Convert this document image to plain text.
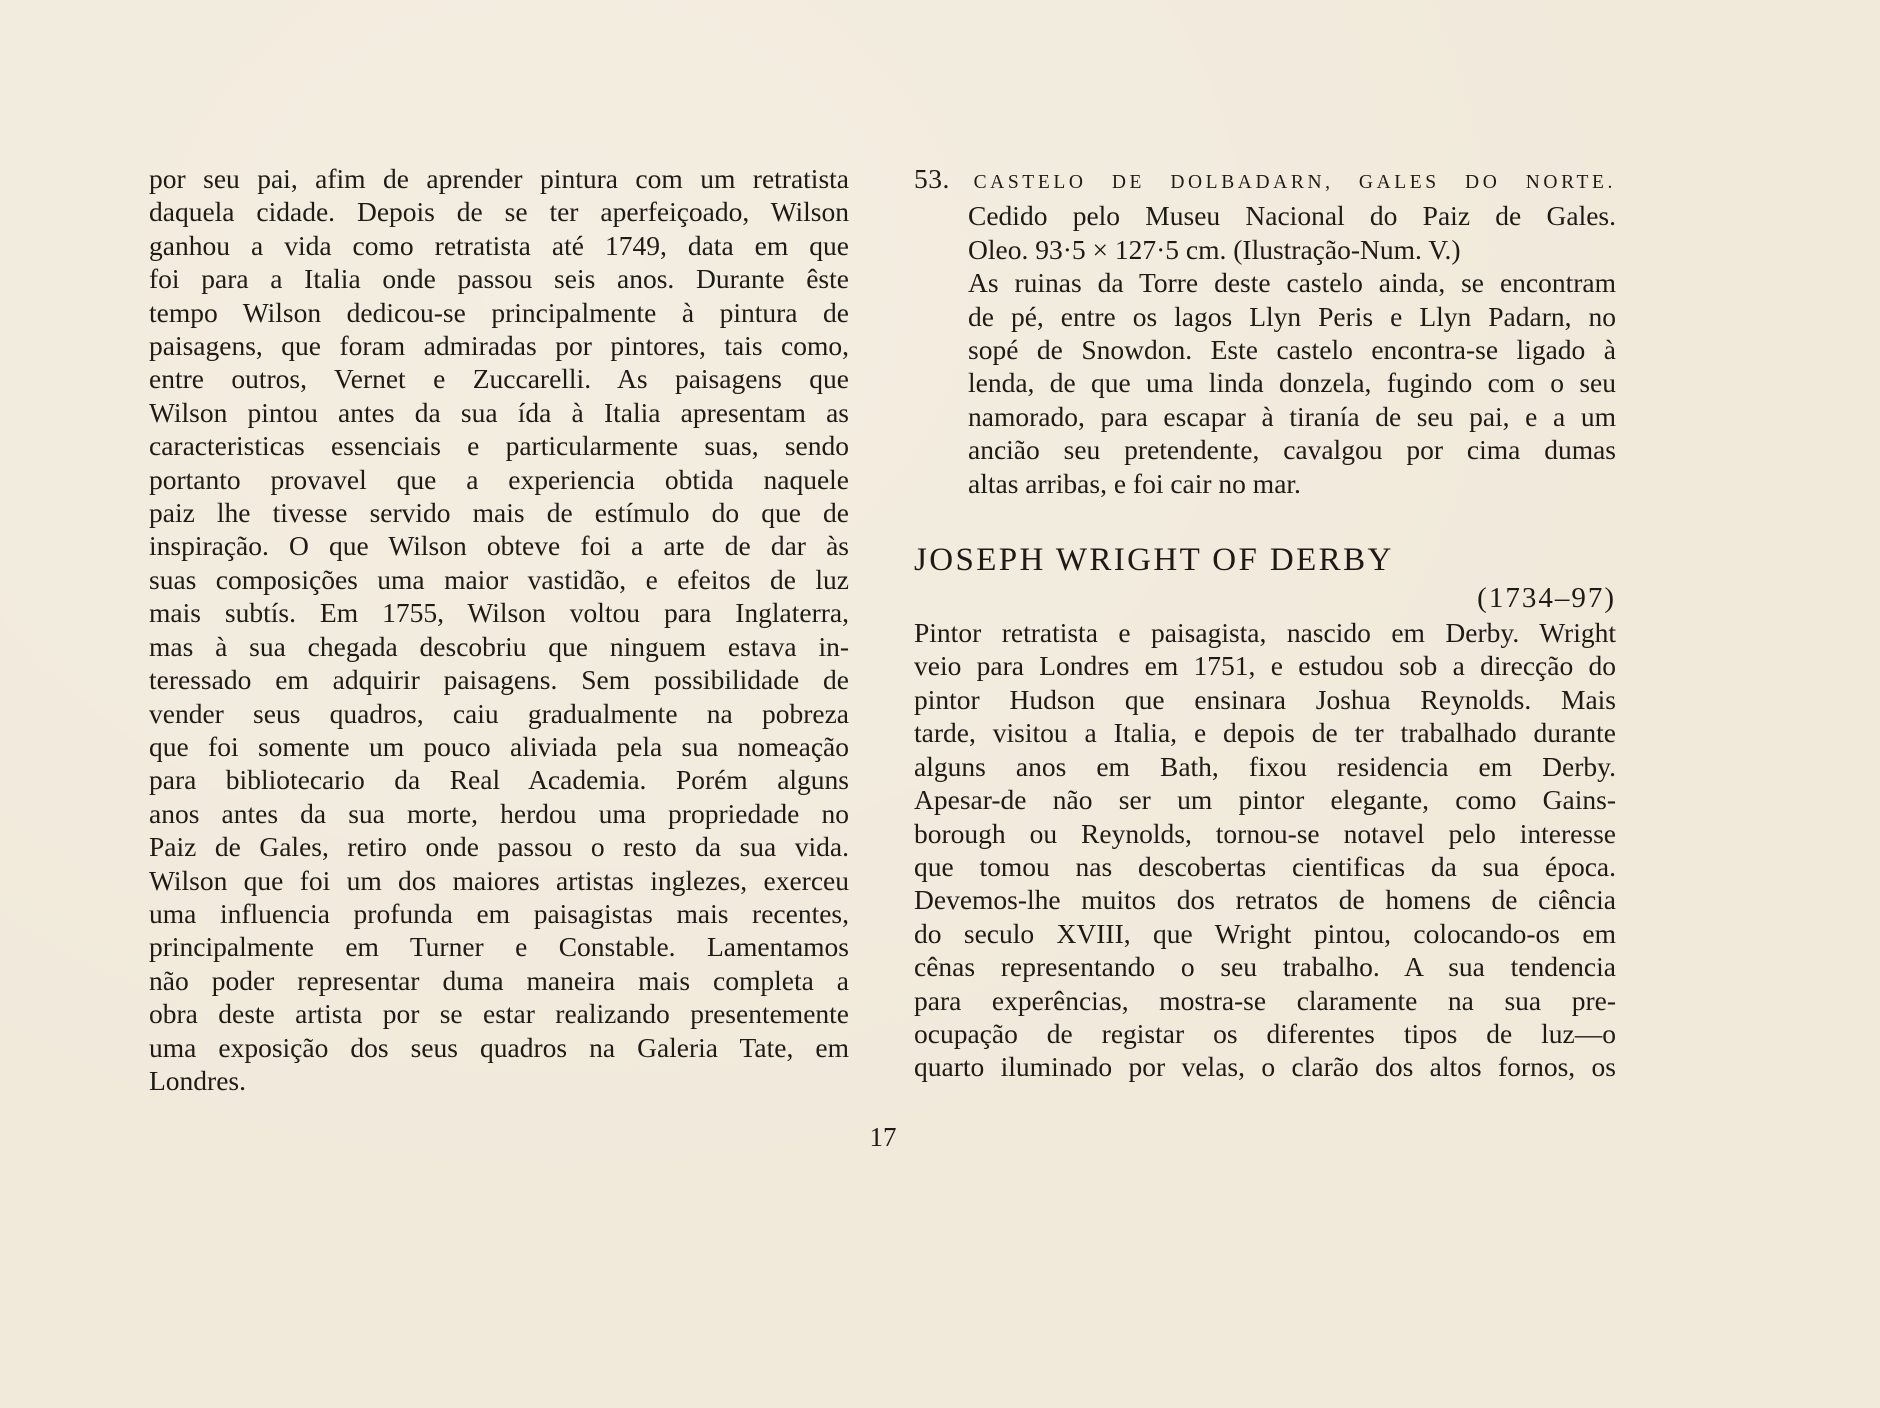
por seu pai, afim de aprender pintura com um retratista
daquela cidade. Depois de se ter aperfeiçoado, Wilson
ganhou a vida como retratista até 1749, data em que
foi para a Italia onde passou seis anos. Durante êste
tempo Wilson dedicou-se principalmente à pintura de
paisagens, que foram admiradas por pintores, tais como,
entre outros, Vernet e Zuccarelli. As paisagens que
Wilson pintou antes da sua ída à Italia apresentam as
caracteristicas essenciais e particularmente suas, sendo
portanto provavel que a experiencia obtida naquele
paiz lhe tivesse servido mais de estímulo do que de
inspiração. O que Wilson obteve foi a arte de dar às
suas composições uma maior vastidão, e efeitos de luz
mais subtís. Em 1755, Wilson voltou para Inglaterra,
mas à sua chegada descobriu que ninguem estava in-
teressado em adquirir paisagens. Sem possibilidade de
vender seus quadros, caiu gradualmente na pobreza
que foi somente um pouco aliviada pela sua nomeação
para bibliotecario da Real Academia. Porém alguns
anos antes da sua morte, herdou uma propriedade no
Paiz de Gales, retiro onde passou o resto da sua vida.
Wilson que foi um dos maiores artistas inglezes, exerceu
uma influencia profunda em paisagistas mais recentes,
principalmente em Turner e Constable. Lamentamos
não poder representar duma maneira mais completa a
obra deste artista por se estar realizando presentemente
uma exposição dos seus quadros na Galeria Tate, em
Londres.
53. CASTELO DE DOLBADARN, GALES DO NORTE.
Cedido pelo Museu Nacional do Paiz de Gales.
Oleo. 93·5 × 127·5 cm. (Ilustração-Num. V.)
As ruinas da Torre deste castelo ainda, se encontram
de pé, entre os lagos Llyn Peris e Llyn Padarn, no
sopé de Snowdon. Este castelo encontra-se ligado à
lenda, de que uma linda donzela, fugindo com o seu
namorado, para escapar à tiranía de seu pai, e a um
ancião seu pretendente, cavalgou por cima dumas
altas arribas, e foi cair no mar.
JOSEPH WRIGHT OF DERBY
(1734–97)
Pintor retratista e paisagista, nascido em Derby. Wright
veio para Londres em 1751, e estudou sob a direcção do
pintor Hudson que ensinara Joshua Reynolds. Mais
tarde, visitou a Italia, e depois de ter trabalhado durante
alguns anos em Bath, fixou residencia em Derby.
Apesar-de não ser um pintor elegante, como Gains-
borough ou Reynolds, tornou-se notavel pelo interesse
que tomou nas descobertas cientificas da sua época.
Devemos-lhe muitos dos retratos de homens de ciência
do seculo XVIII, que Wright pintou, colocando-os em
cênas representando o seu trabalho. A sua tendencia
para experências, mostra-se claramente na sua pre-
ocupação de registar os diferentes tipos de luz—o
quarto iluminado por velas, o clarão dos altos fornos, os
17
